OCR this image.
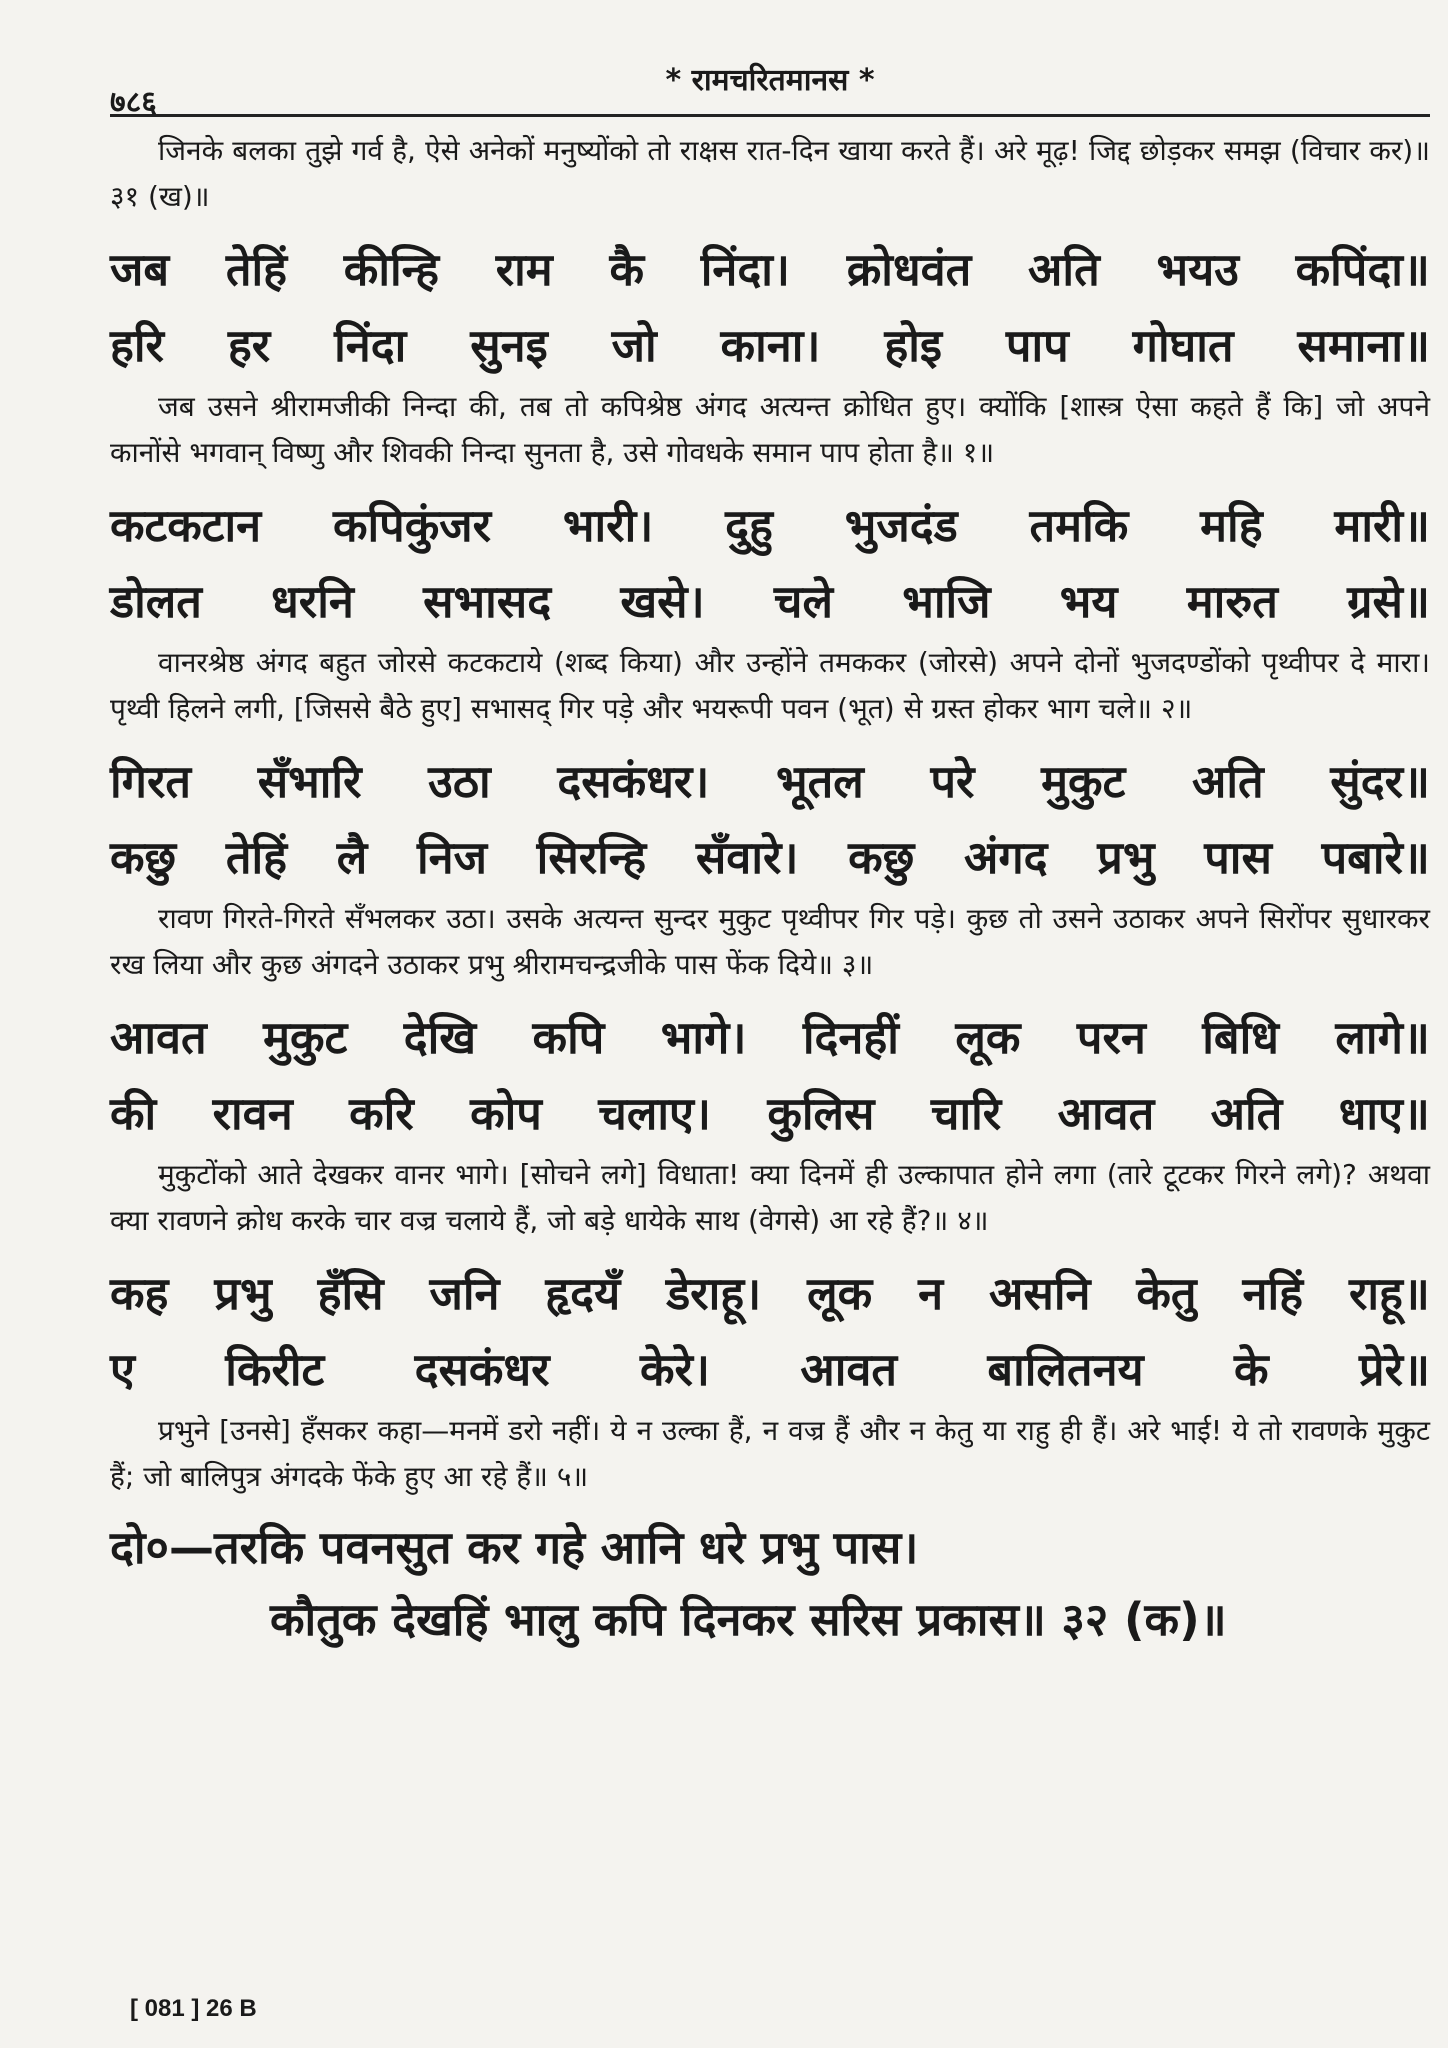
* रामचरितमानस *
७८६

जिनके बलका तुझे गर्व है, ऐसे अनेकों मनुष्योंको तो राक्षस रात-दिन खाया करते हैं। अरे मूढ़! जिद्द छोड़कर समझ (विचार कर)॥ ३१ (ख)॥

जब तेहिं कीन्हि राम कै निंदा। क्रोधवंत अति भयउ कपिंदा॥
हरि हर निंदा सुनइ जो काना। होइ पाप गोघात समाना॥

जब उसने श्रीरामजीकी निन्दा की, तब तो कपिश्रेष्ठ अंगद अत्यन्त क्रोधित हुए। क्योंकि [शास्त्र ऐसा कहते हैं कि] जो अपने कानोंसे भगवान् विष्णु और शिवकी निन्दा सुनता है, उसे गोवधके समान पाप होता है॥ १॥

कटकटान कपिकुंजर भारी। दुहु भुजदंड तमकि महि मारी॥
डोलत धरनि सभासद खसे। चले भाजि भय मारुत ग्रसे॥

वानरश्रेष्ठ अंगद बहुत जोरसे कटकटाये (शब्द किया) और उन्होंने तमककर (जोरसे) अपने दोनों भुजदण्डोंको पृथ्वीपर दे मारा। पृथ्वी हिलने लगी, [जिससे बैठे हुए] सभासद् गिर पड़े और भयरूपी पवन (भूत) से ग्रस्त होकर भाग चले॥ २॥

गिरत सँभारि उठा दसकंधर। भूतल परे मुकुट अति सुंदर॥
कछु तेहिं लै निज सिरन्हि सँवारे। कछु अंगद प्रभु पास पबारे॥

रावण गिरते-गिरते सँभलकर उठा। उसके अत्यन्त सुन्दर मुकुट पृथ्वीपर गिर पड़े। कुछ तो उसने उठाकर अपने सिरोंपर सुधारकर रख लिया और कुछ अंगदने उठाकर प्रभु श्रीरामचन्द्रजीके पास फेंक दिये॥ ३॥

आवत मुकुट देखि कपि भागे। दिनहीं लूक परन बिधि लागे॥
की रावन करि कोप चलाए। कुलिस चारि आवत अति धाए॥

मुकुटोंको आते देखकर वानर भागे। [सोचने लगे] विधाता! क्या दिनमें ही उल्कापात होने लगा (तारे टूटकर गिरने लगे)? अथवा क्या रावणने क्रोध करके चार वज्र चलाये हैं, जो बड़े धायेके साथ (वेगसे) आ रहे हैं?॥ ४॥

कह प्रभु हँसि जनि हृदयँ डेराहू। लूक न असनि केतु नहिं राहू॥
ए किरीट दसकंधर केरे। आवत बालितनय के प्रेरे॥

प्रभुने [उनसे] हँसकर कहा—मनमें डरो नहीं। ये न उल्का हैं, न वज्र हैं और न केतु या राहु ही हैं। अरे भाई! ये तो रावणके मुकुट हैं; जो बालिपुत्र अंगदके फेंके हुए आ रहे हैं॥ ५॥

दो०—तरकि पवनसुत कर गहे आनि धरे प्रभु पास।
कौतुक देखहिं भालु कपि दिनकर सरिस प्रकास॥ ३२ (क)॥
[ 081 ] 26 B
